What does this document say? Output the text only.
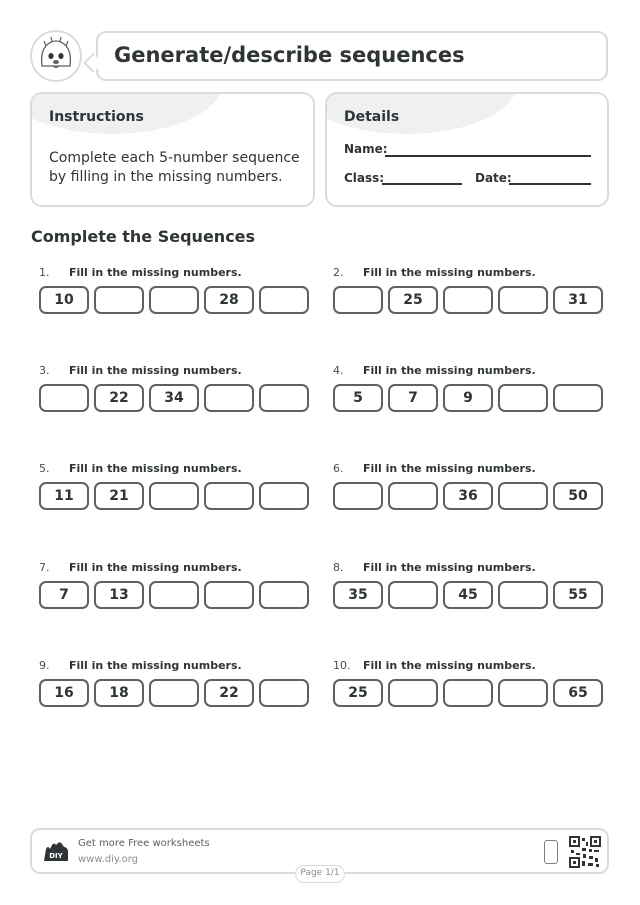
Generate/describe sequences
Instructions
Complete each 5-number sequence by filling in the missing numbers.
Details
Name:
Class:	Date:
Complete the Sequences
1. Fill in the missing numbers.
10	28
3. Fill in the missing numbers.
22	34
5. Fill in the missing numbers.
11	21
7. Fill in the missing numbers.
7	13
9. Fill in the missing numbers.
16	18	22
2. Fill in the missing numbers.
25	31
4. Fill in the missing numbers.
5	7	9
6. Fill in the missing numbers.
36	50
8. Fill in the missing numbers.
35	45	55
10. Fill in the missing numbers.
25	65
DIY
Get more Free worksheets
www.diy.org
Page 1/1
